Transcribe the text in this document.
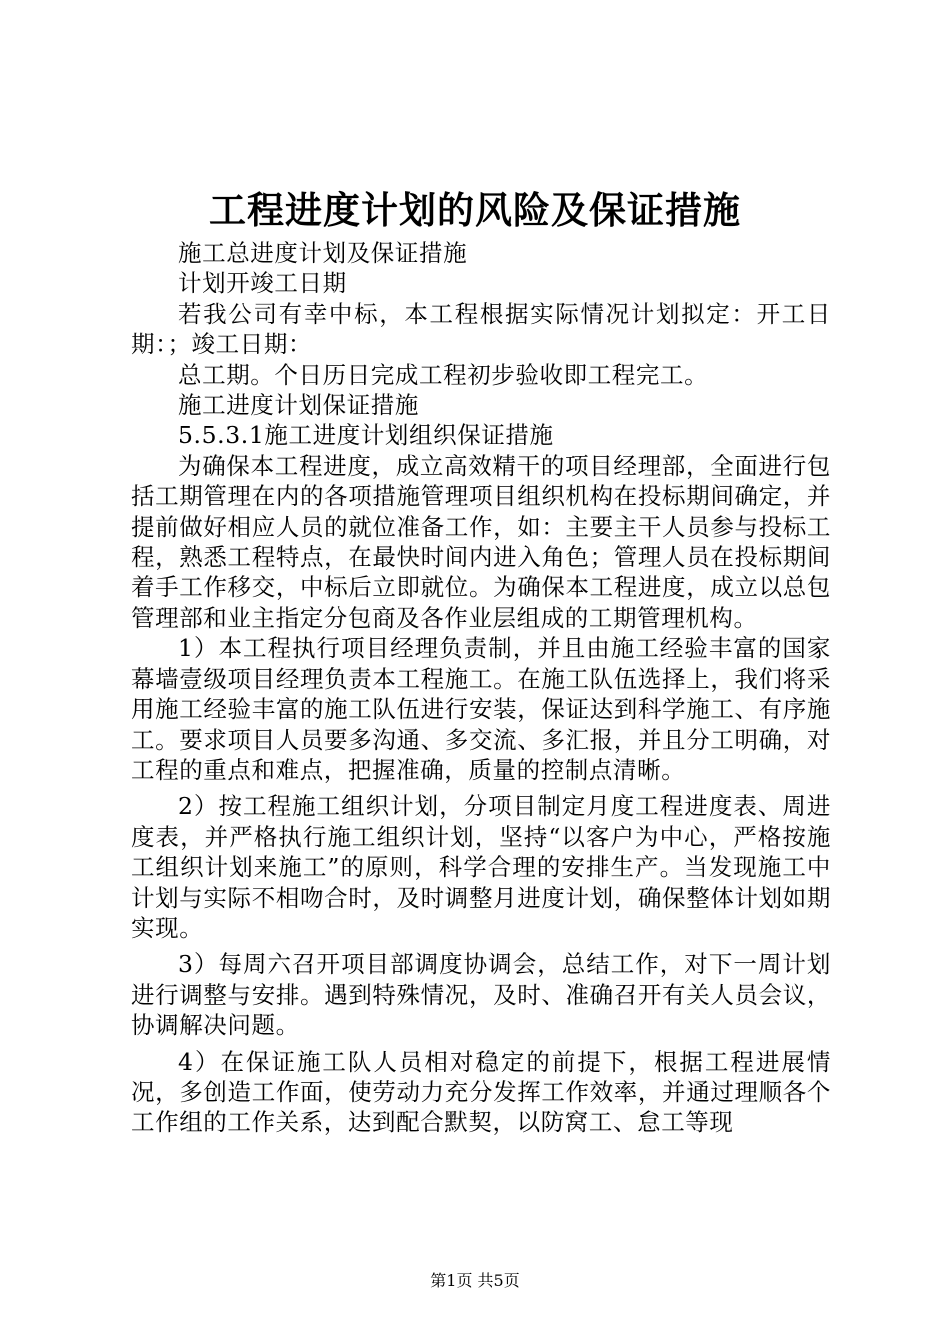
工程进度计划的风险及保证措施

施工总进度计划及保证措施

计划开竣工日期

若我公司有幸中标，本工程根据实际情况计划拟定：开工日期：；竣工日期：

总工期。个日历日完成工程初步验收即工程完工。

施工进度计划保证措施

5.5.3.1施工进度计划组织保证措施

为确保本工程进度，成立高效精干的项目经理部，全面进行包括工期管理在内的各项措施管理项目组织机构在投标期间确定，并提前做好相应人员的就位准备工作，如：主要主干人员参与投标工程，熟悉工程特点，在最快时间内进入角色；管理人员在投标期间着手工作移交，中标后立即就位。为确保本工程进度，成立以总包管理部和业主指定分包商及各作业层组成的工期管理机构。

1）本工程执行项目经理负责制，并且由施工经验丰富的国家幕墙壹级项目经理负责本工程施工。在施工队伍选择上，我们将采用施工经验丰富的施工队伍进行安装，保证达到科学施工、有序施工。要求项目人员要多沟通、多交流、多汇报，并且分工明确，对工程的重点和难点，把握准确，质量的控制点清晰。

2）按工程施工组织计划，分项目制定月度工程进度表、周进度表，并严格执行施工组织计划，坚持“以客户为中心，严格按施工组织计划来施工”的原则，科学合理的安排生产。当发现施工中计划与实际不相吻合时，及时调整月进度计划，确保整体计划如期实现。

3）每周六召开项目部调度协调会，总结工作，对下一周计划进行调整与安排。遇到特殊情况，及时、准确召开有关人员会议，协调解决问题。

4）在保证施工队人员相对稳定的前提下，根据工程进展情况，多创造工作面，使劳动力充分发挥工作效率，并通过理顺各个工作组的工作关系，达到配合默契，以防窝工、怠工等现

第1页 共5页
